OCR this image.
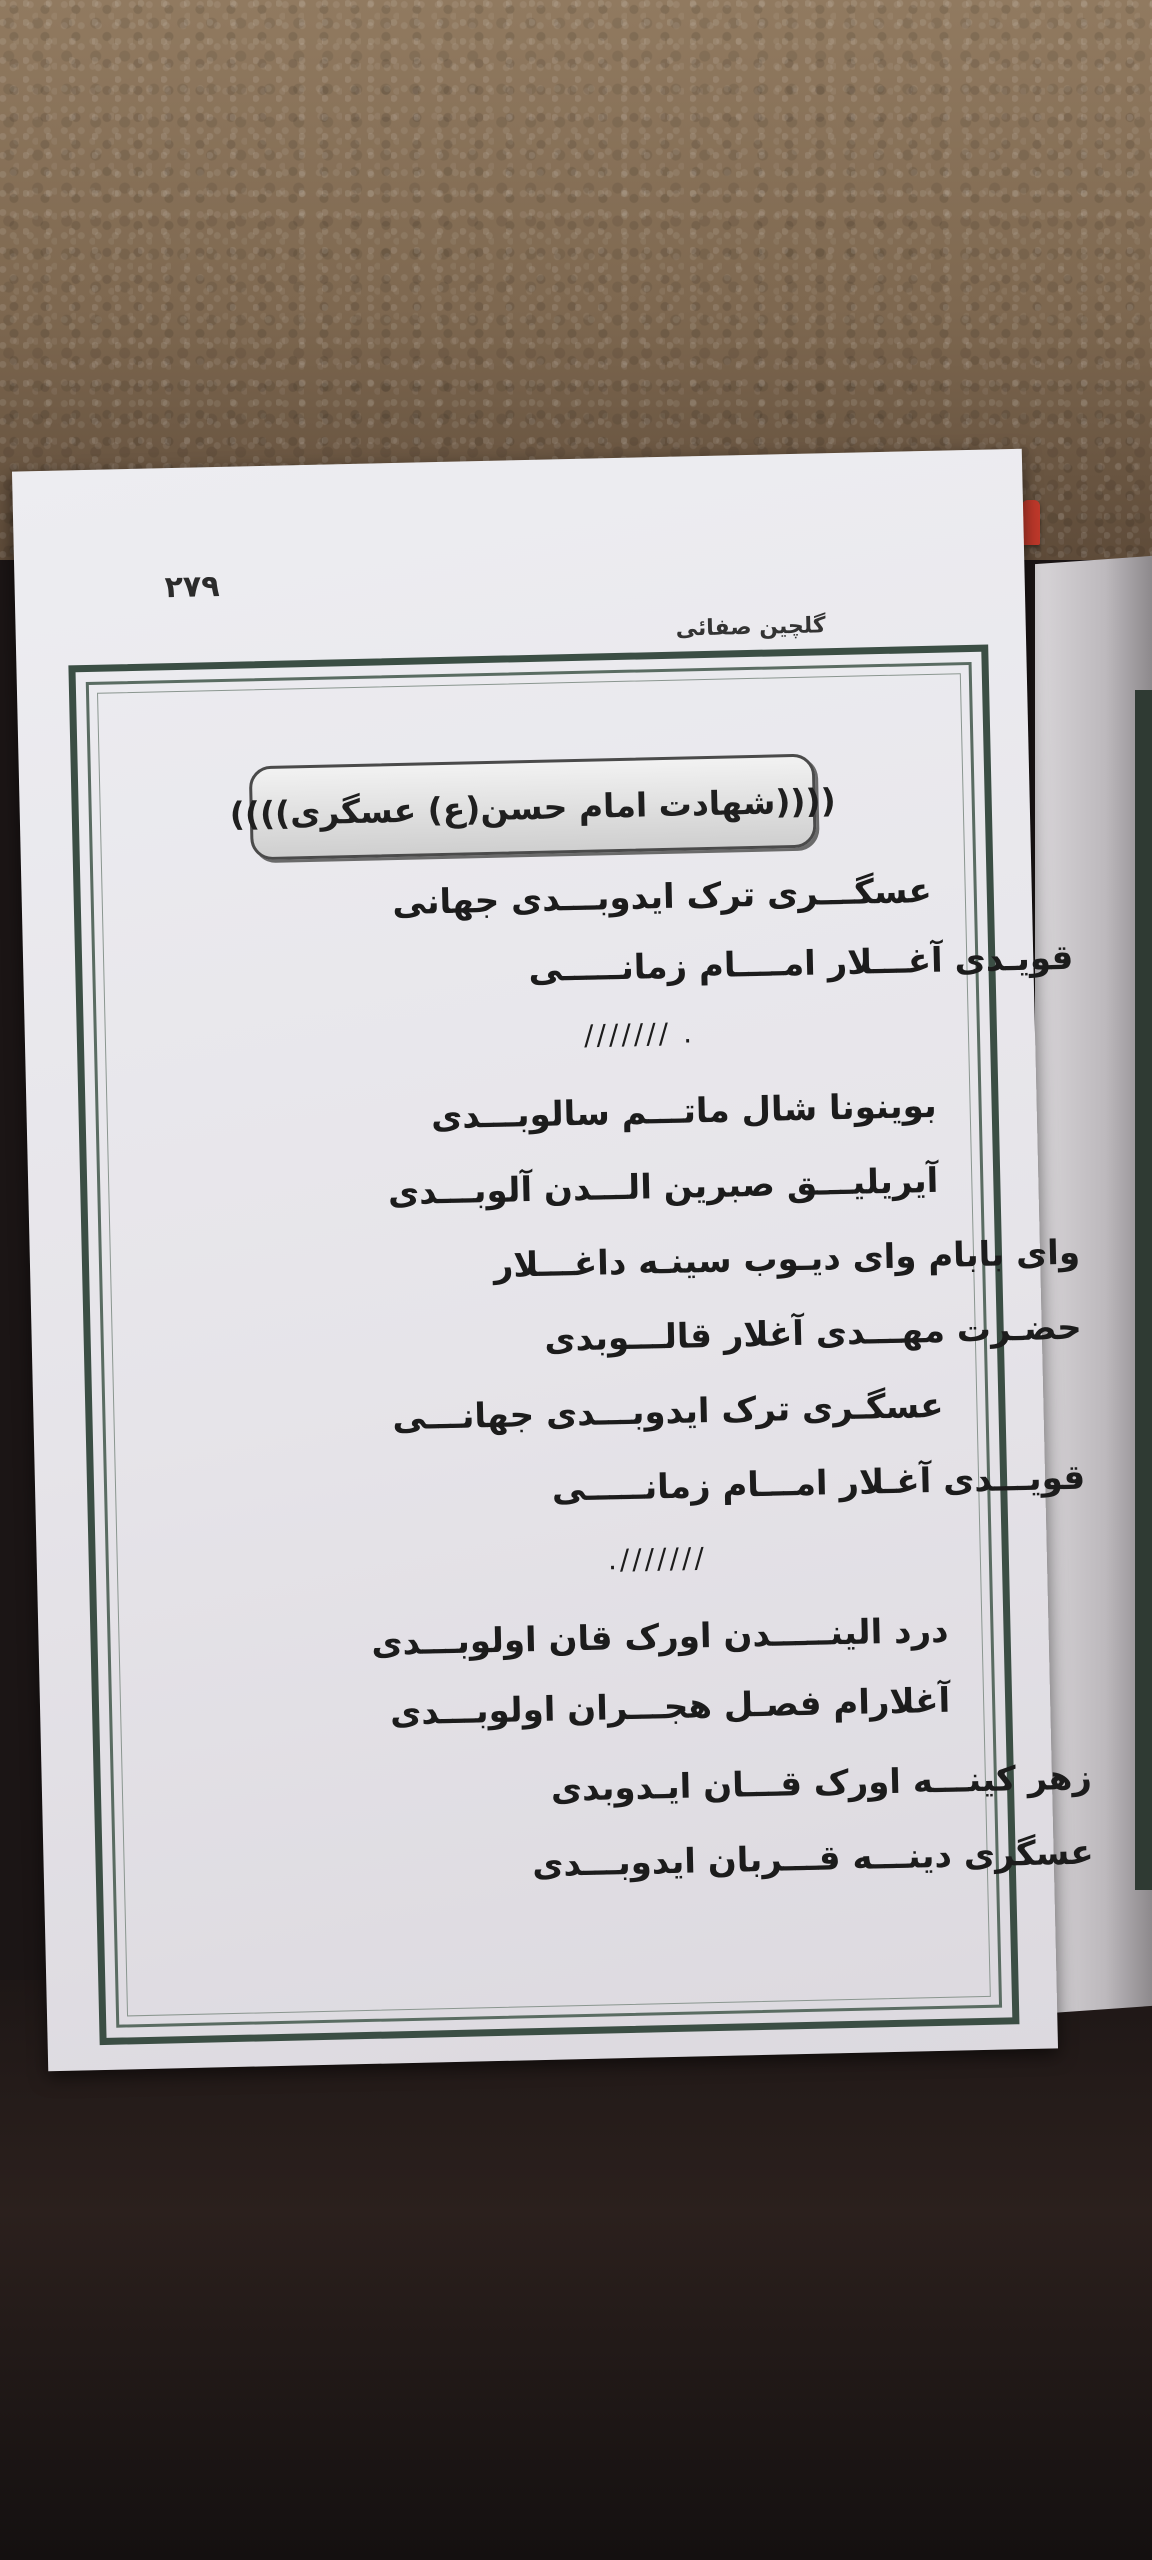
۲۷۹
گلچین صفائی
((((شهادت امام حسن(ع) عسگری))))
عسگـــری ترک ایدوبـــدی جهانی
قویـدی آغـــلار امــــام زمانـــــی
. ///////
بوینونا شال ماتـــم سالوبـــدی
آیریلیـــق صبرین الـــدن آلوبـــدی
وای بابام وای دیـوب سینـه داغـــلار
حضـرت مهـــدی آغلار قالـــوبدی
عسگـری ترک ایدوبـــدی جهانـــی
قویـــدی آغـلار امـــام زمانـــــی
///////.
درد الینـــــدن اورک قان اولوبـــدی
آغلارام فصـل هجـــران اولوبـــدی
زهر کینـــه اورک قـــان ایـدوبدی
عسگری دینـــه قـــربان ایدوبـــدی
